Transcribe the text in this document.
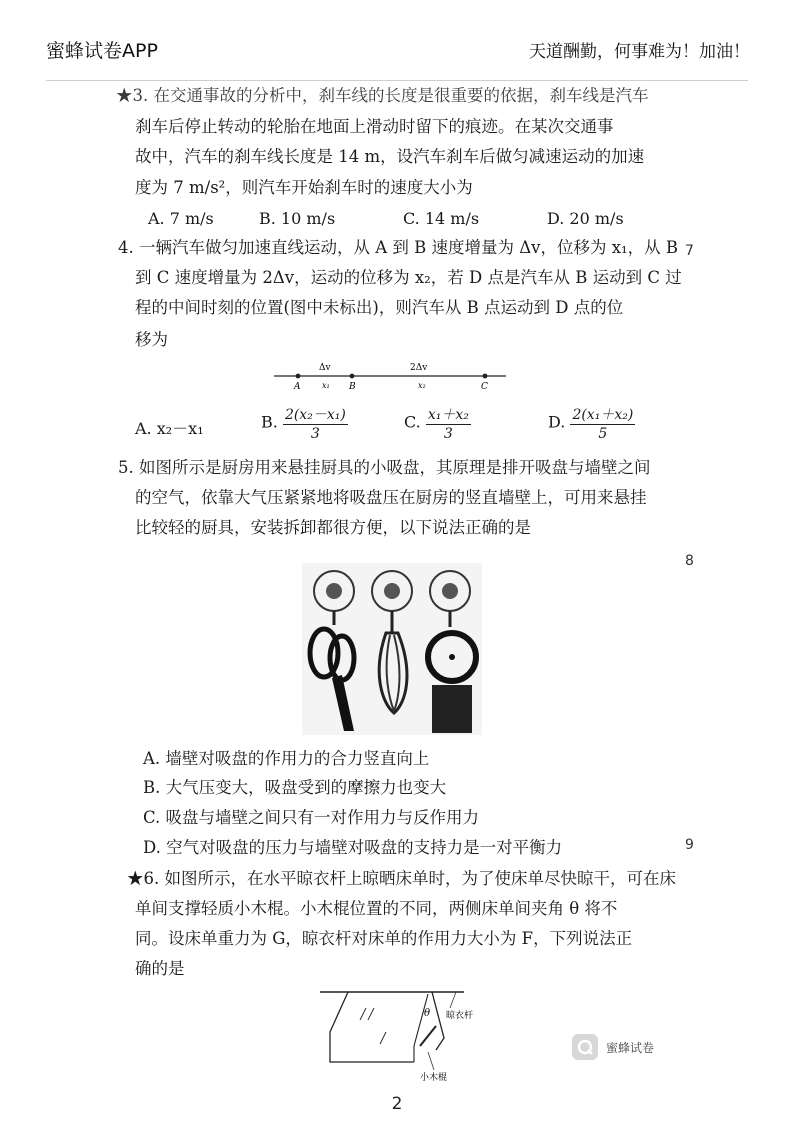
蜜蜂试卷APP	天道酬勤，何事难为！加油！
★3. 在交通事故的分析中，刹车线的长度是很重要的依据，刹车线是汽车
刹车后停止转动的轮胎在地面上滑动时留下的痕迹。在某次交通事
故中，汽车的刹车线长度是 14 m，设汽车刹车后做匀减速运动的加速
度为 7 m/s²，则汽车开始刹车时的速度大小为
A. 7 m/s	B. 10 m/s	C. 14 m/s	D. 20 m/s
4. 一辆汽车做匀加速直线运动，从 A 到 B 速度增量为 Δv，位移为 x₁，从 B
到 C 速度增量为 2Δv，运动的位移为 x₂，若 D 点是汽车从 B 运动到 C 过
程的中间时刻的位置(图中未标出)，则汽车从 B 点运动到 D 点的位
移为
Δv	2Δv
A	x₁ B	x₂	C
A. x₂－x₁	B. $\frac{\text{2(x₂－x₁)}}{3}$	C. $\frac{\text{x₁＋x₂}}{3}$	D. $\frac{\text{2(x₁＋x₂)}}{5}$
5. 如图所示是厨房用来悬挂厨具的小吸盘，其原理是排开吸盘与墙壁之间
的空气，依靠大气压紧紧地将吸盘压在厨房的竖直墙壁上，可用来悬挂
比较轻的厨具，安装拆卸都很方便，以下说法正确的是
A. 墙壁对吸盘的作用力的合力竖直向上
B. 大气压变大，吸盘受到的摩擦力也变大
C. 吸盘与墙壁之间只有一对作用力与反作用力
D. 空气对吸盘的压力与墙壁对吸盘的支持力是一对平衡力
★6. 如图所示，在水平晾衣杆上晾晒床单时，为了使床单尽快晾干，可在床
单间支撑轻质小木棍。小木棍位置的不同，两侧床单间夹角 θ 将不
同。设床单重力为 G，晾衣杆对床单的作用力大小为 F，下列说法正
确的是
θ 晾衣杆
小木棍
7
8
9
蜜蜂试卷
2
